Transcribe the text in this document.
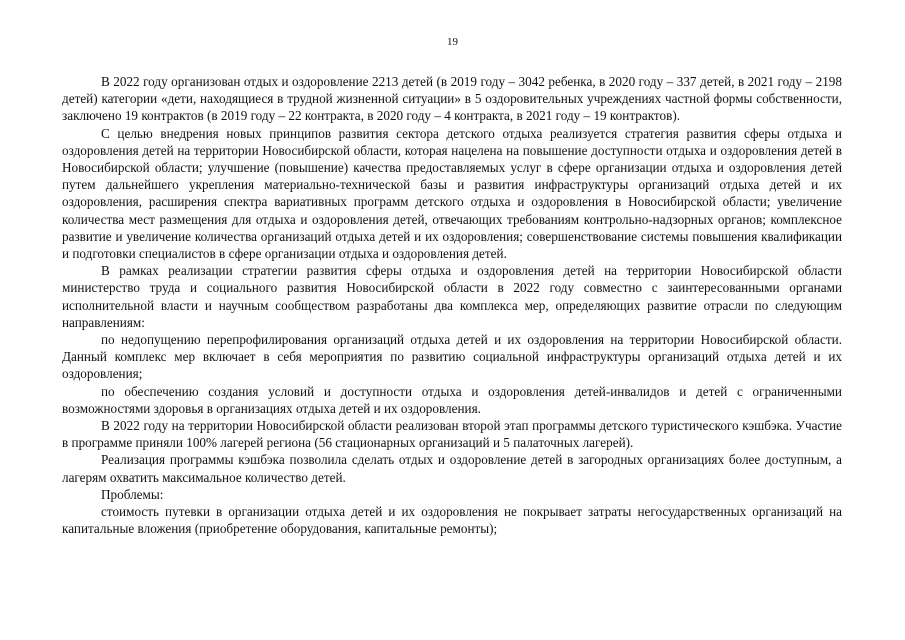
19

В 2022 году организован отдых и оздоровление 2213 детей (в 2019 году – 3042 ребенка, в 2020 году – 337 детей, в 2021 году – 2198 детей) категории «дети, находящиеся в трудной жизненной ситуации» в 5 оздоровительных учреждениях частной формы собственности, заключено 19 контрактов (в 2019 году – 22 контракта, в 2020 году – 4 контракта, в 2021 году – 19 контрактов).

С целью внедрения новых принципов развития сектора детского отдыха реализуется стратегия развития сферы отдыха и оздоровления детей на территории Новосибирской области, которая нацелена на повышение доступности отдыха и оздоровления детей в Новосибирской области; улучшение (повышение) качества предоставляемых услуг в сфере организации отдыха и оздоровления детей путем дальнейшего укрепления материально-технической базы и развития инфраструктуры организаций отдыха детей и их оздоровления, расширения спектра вариативных программ детского отдыха и оздоровления в Новосибирской области; увеличение количества мест размещения для отдыха и оздоровления детей, отвечающих требованиям контрольно-надзорных органов; комплексное развитие и увеличение количества организаций отдыха детей и их оздоровления; совершенствование системы повышения квалификации и подготовки специалистов в сфере организации отдыха и оздоровления детей.

В рамках реализации стратегии развития сферы отдыха и оздоровления детей на территории Новосибирской области министерство труда и социального развития Новосибирской области в 2022 году совместно с заинтересованными органами исполнительной власти и научным сообществом разработаны два комплекса мер, определяющих развитие отрасли по следующим направлениям:

по недопущению перепрофилирования организаций отдыха детей и их оздоровления на территории Новосибирской области. Данный комплекс мер включает в себя мероприятия по развитию социальной инфраструктуры организаций отдыха детей и их оздоровления;

по обеспечению создания условий и доступности отдыха и оздоровления детей-инвалидов и детей с ограниченными возможностями здоровья в организациях отдыха детей и их оздоровления.

В 2022 году на территории Новосибирской области реализован второй этап программы детского туристического кэшбэка. Участие в программе приняли 100% лагерей региона (56 стационарных организаций и 5 палаточных лагерей).

Реализация программы кэшбэка позволила сделать отдых и оздоровление детей в загородных организациях более доступным, а лагерям охватить максимальное количество детей.

Проблемы:

стоимость путевки в организации отдыха детей и их оздоровления не покрывает затраты негосударственных организаций на капитальные вложения (приобретение оборудования, капитальные ремонты);
